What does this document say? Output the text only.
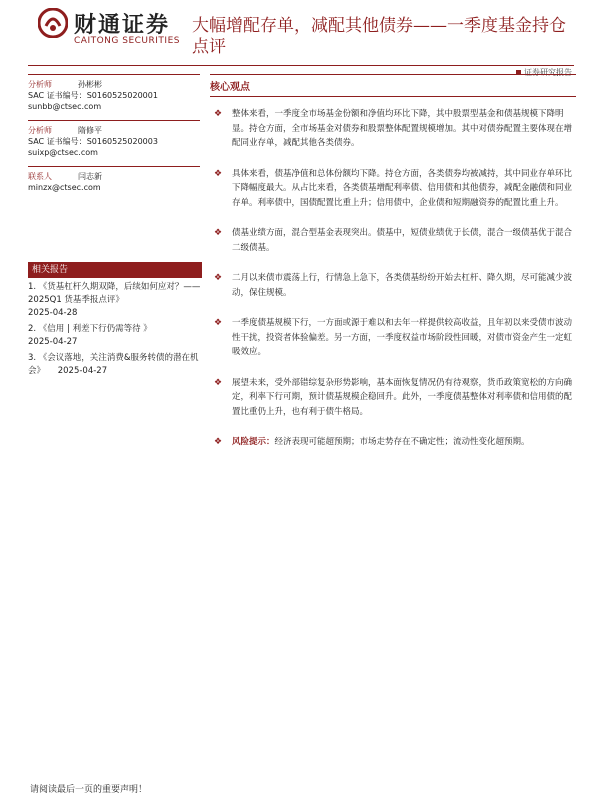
财通证券
CAITONG SECURITIES
大幅增配存单，减配其他债券——一季度基金持仓点评
证券研究报告
分析师	孙彬彬
SAC 证书编号：S0160525020001
sunbb@ctsec.com
分析师	隋修平
SAC 证书编号：S0160525020003
suixp@ctsec.com
联系人	闫志新
minzx@ctsec.com
相关报告
1. 《货基杠杆久期双降，后续如何应对？——2025Q1 货基季报点评》
2025-04-28
2. 《信用 | 利差下行仍需等待 》
2025-04-27
3. 《会议落地，关注消费&服务转债的潜在机会》 2025-04-27
核心观点
❖ 整体来看，一季度全市场基金份额和净值均环比下降，其中股票型基金和债基规模下降明显。持仓方面，全市场基金对债券和股票整体配置规模增加。其中对债券配置主要体现在增配同业存单，减配其他各类债券。
❖ 具体来看，债基净值和总体份额均下降。持仓方面，各类债券均被减持，其中同业存单环比下降幅度最大。从占比来看，各类债基增配利率债、信用债和其他债券，减配金融债和同业存单。利率债中，国债配置比重上升；信用债中，企业债和短期融资券的配置比重上升。
❖ 债基业绩方面，混合型基金表现突出。债基中，短债业绩优于长债，混合一级债基优于混合二级债基。
❖ 二月以来债市震荡上行，行情急上急下，各类债基纷纷开始去杠杆、降久期，尽可能减少波动，保住规模。
❖ 一季度债基规模下行，一方面或源于难以和去年一样提供较高收益，且年初以来受债市波动性干扰，投资者体验偏差。另一方面，一季度权益市场阶段性回暖，对债市资金产生一定虹吸效应。
❖ 展望未来，受外部错综复杂形势影响，基本面恢复情况仍有待观察，货币政策宽松的方向确定，利率下行可期，预计债基规模企稳回升。此外，一季度债基整体对利率债和信用债的配置比重仍上升，也有利于债牛格局。
❖ 风险提示：经济表现可能超预期；市场走势存在不确定性；流动性变化超预期。
请阅读最后一页的重要声明！
